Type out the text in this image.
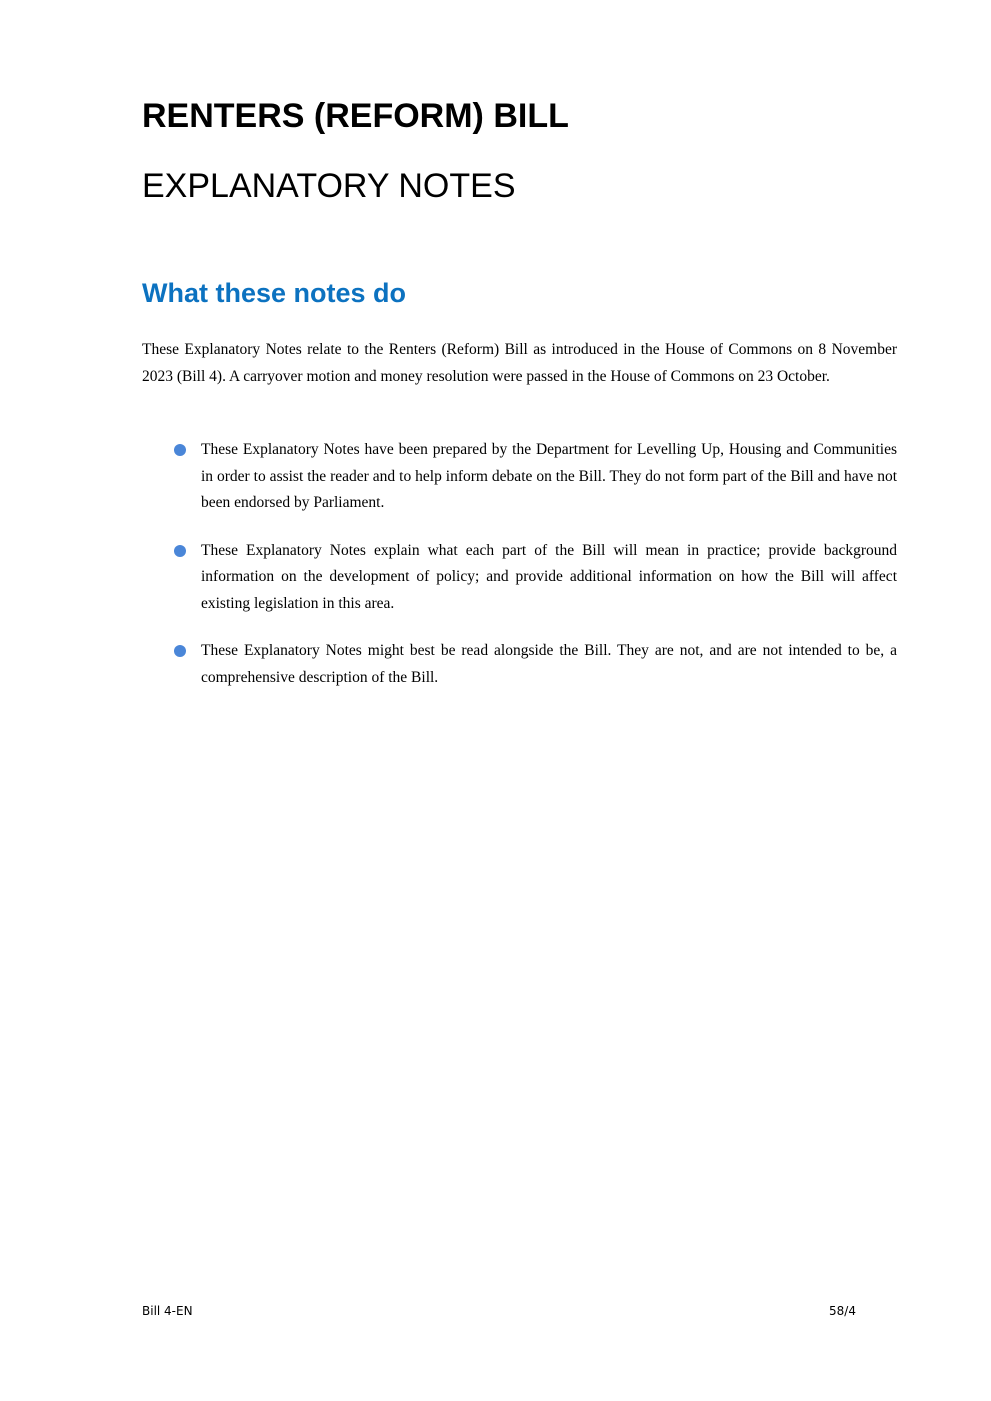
RENTERS (REFORM) BILL
EXPLANATORY NOTES
What these notes do

These Explanatory Notes relate to the Renters (Reform) Bill as introduced in the House of Commons on 8 November 2023 (Bill 4). A carryover motion and money resolution were passed in the House of Commons on 23 October.

These Explanatory Notes have been prepared by the Department for Levelling Up, Housing and Communities in order to assist the reader and to help inform debate on the Bill. They do not form part of the Bill and have not been endorsed by Parliament.
These Explanatory Notes explain what each part of the Bill will mean in practice; provide background information on the development of policy; and provide additional information on how the Bill will affect existing legislation in this area.
These Explanatory Notes might best be read alongside the Bill. They are not, and are not intended to be, a comprehensive description of the Bill.
Bill 4-EN	58/4
